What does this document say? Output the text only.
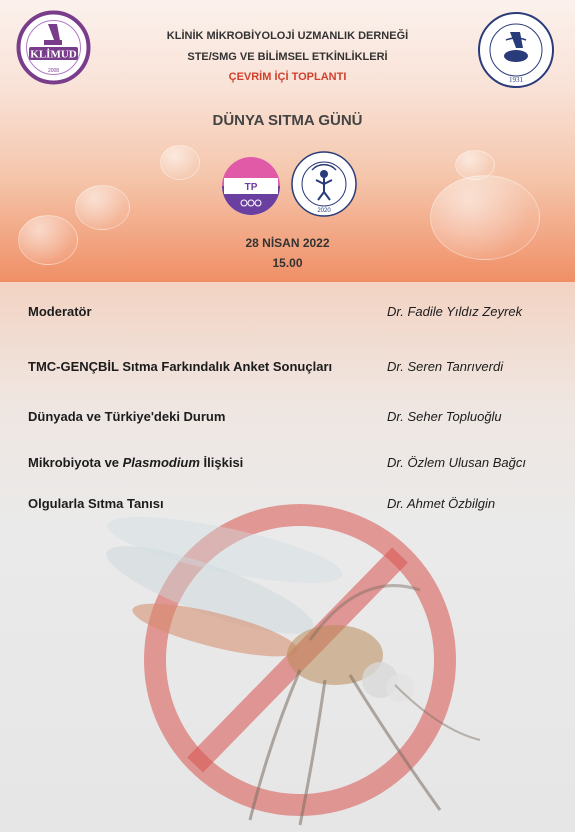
KLİMUD
2008
1931
KLİNİK MİKROBİYOLOJİ UZMANLIK DERNEĞİ
STE/SMG VE BİLİMSEL ETKİNLİKLERİ
ÇEVRİM İÇİ TOPLANTI
DÜNYA SITMA GÜNÜ
TP
2020
28 NİSAN 2022
15.00
Moderatör	Dr. Fadile Yıldız Zeyrek
TMC-GENÇBİL Sıtma Farkındalık Anket Sonuçları	Dr. Seren Tanrıverdi
Dünyada ve Türkiye'deki Durum	Dr. Seher Topluoğlu
Mikrobiyota ve Plasmodium İlişkisi	Dr. Özlem Ulusan Bağcı
Olgularla Sıtma Tanısı	Dr. Ahmet Özbilgin
